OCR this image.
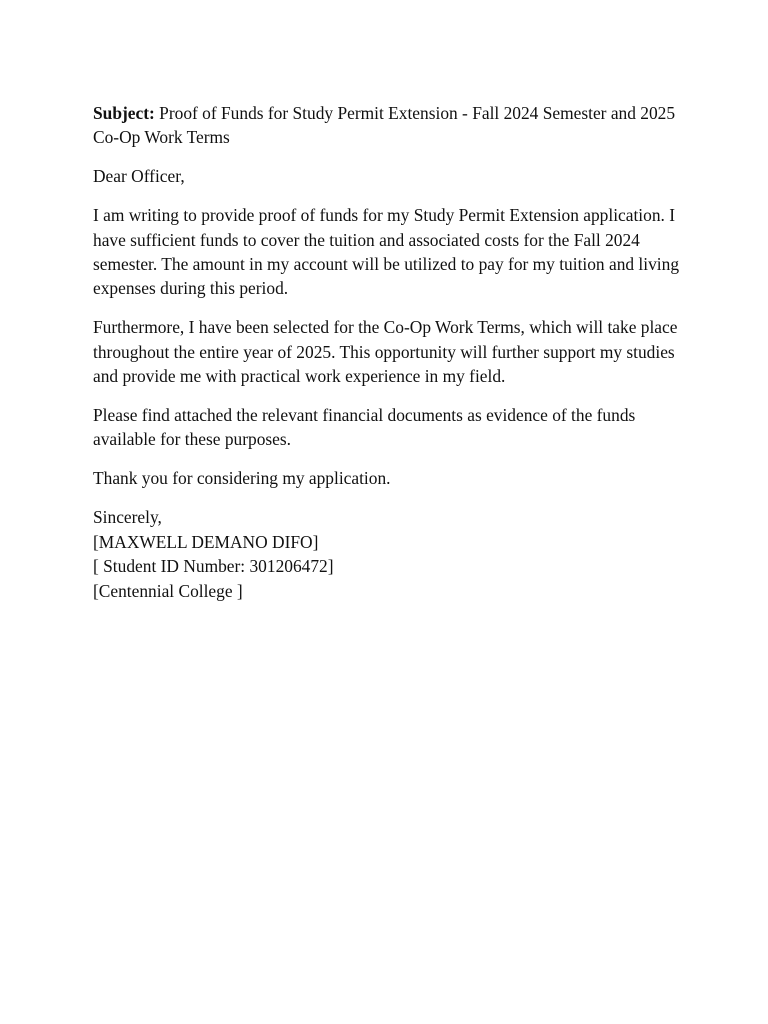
Subject: Proof of Funds for Study Permit Extension - Fall 2024 Semester and 2025 Co-Op Work Terms

Dear Officer,

I am writing to provide proof of funds for my Study Permit Extension application. I have sufficient funds to cover the tuition and associated costs for the Fall 2024 semester. The amount in my account will be utilized to pay for my tuition and living expenses during this period.

Furthermore, I have been selected for the Co-Op Work Terms, which will take place throughout the entire year of 2025. This opportunity will further support my studies and provide me with practical work experience in my field.

Please find attached the relevant financial documents as evidence of the funds available for these purposes.

Thank you for considering my application.

Sincerely,
[MAXWELL DEMANO DIFO]
[ Student ID Number: 301206472]
[Centennial College ]
